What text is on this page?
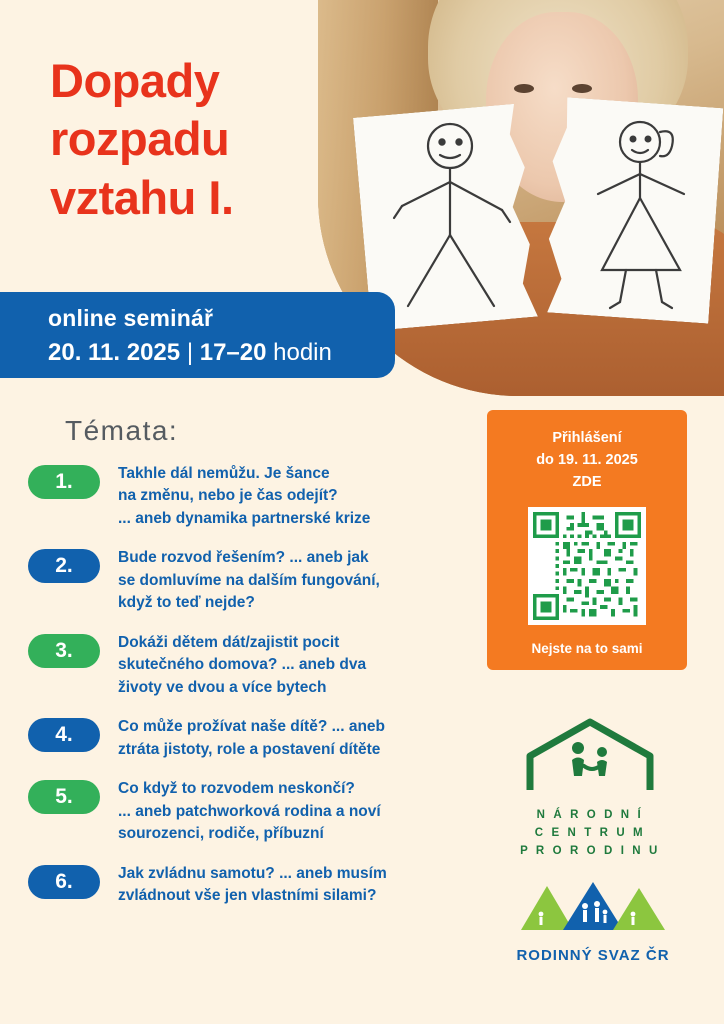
Dopady
rozpadu
vztahu I.
online seminář
20. 11. 2025 | 17–20 hodin
Témata:
1.	Takhle dál nemůžu. Je šance
na změnu, nebo je čas odejít?
... aneb dynamika partnerské krize
2.	Bude rozvod řešením? ... aneb jak
se domluvíme na dalším fungování,
když to teď nejde?
3.	Dokáži dětem dát/zajistit pocit
skutečného domova? ... aneb dva
životy ve dvou a více bytech
4.	Co může prožívat naše dítě? ... aneb
ztráta jistoty, role a postavení dítěte
5.	Co když to rozvodem neskončí?
... aneb patchworková rodina a noví
sourozenci, rodiče, příbuzní
6.	Jak zvládnu samotu? ... aneb musím
zvládnout vše jen vlastními silami?
Přihlášení
do 19. 11. 2025
ZDE
Nejste na to sami
N Á R O D N Í
C E N T R U M
P R O R O D I N U
RODINNÝ SVAZ ČR
